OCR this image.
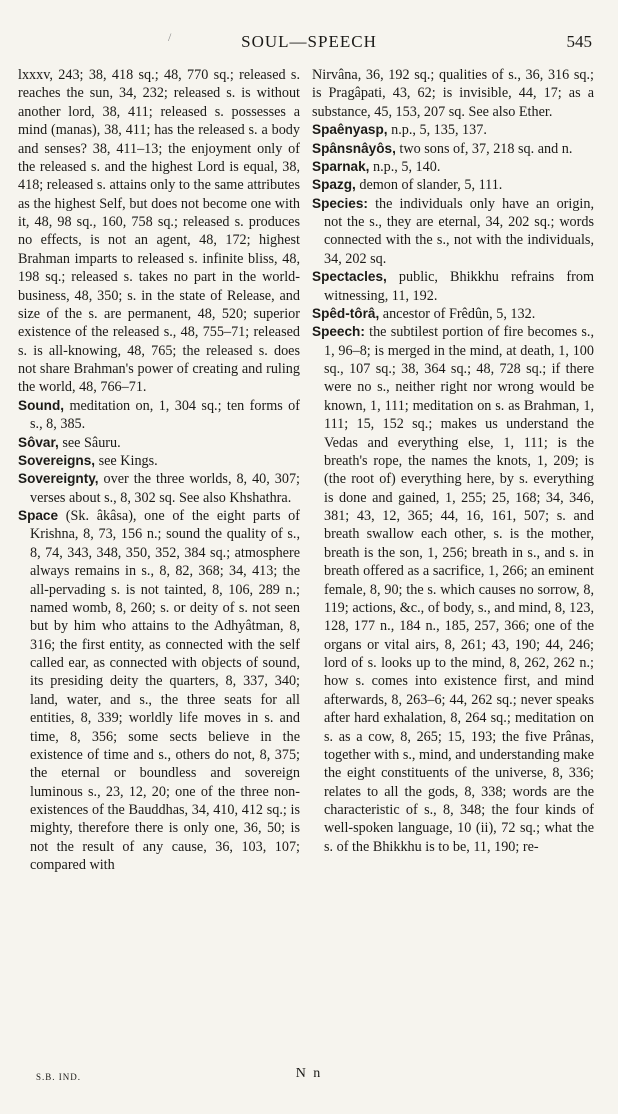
/	SOUL—SPEECH	545

lxxxv, 243; 38, 418 sq.; 48, 770 sq.; released s. reaches the sun, 34, 232; released s. is without another lord, 38, 411; released s. possesses a mind (manas), 38, 411; has the released s. a body and senses? 38, 411–13; the enjoyment only of the released s. and the highest Lord is equal, 38, 418; released s. attains only to the same attributes as the highest Self, but does not become one with it, 48, 98 sq., 160, 758 sq.; released s. produces no effects, is not an agent, 48, 172; highest Brahman imparts to released s. infinite bliss, 48, 198 sq.; released s. takes no part in the world-business, 48, 350; s. in the state of Release, and size of the s. are permanent, 48, 520; superior existence of the released s., 48, 755–71; released s. is all-knowing, 48, 765; the released s. does not share Brahman's power of creating and ruling the world, 48, 766–71.

Sound, meditation on, 1, 304 sq.; ten forms of s., 8, 385.

Sôvar, see Sâuru.

Sovereigns, see Kings.

Sovereignty, over the three worlds, 8, 40, 307; verses about s., 8, 302 sq. See also Khshathra.

Space (Sk. âkâsa), one of the eight parts of Krishna, 8, 73, 156 n.; sound the quality of s., 8, 74, 343, 348, 350, 352, 384 sq.; atmosphere always remains in s., 8, 82, 368; 34, 413; the all-pervading s. is not tainted, 8, 106, 289 n.; named womb, 8, 260; s. or deity of s. not seen but by him who attains to the Adhyâtman, 8, 316; the first entity, as connected with the self called ear, as connected with objects of sound, its presiding deity the quarters, 8, 337, 340; land, water, and s., the three seats for all entities, 8, 339; worldly life moves in s. and time, 8, 356; some sects believe in the existence of time and s., others do not, 8, 375; the eternal or boundless and sovereign luminous s., 23, 12, 20; one of the three non-existences of the Bauddhas, 34, 410, 412 sq.; is mighty, therefore there is only one, 36, 50; is not the result of any cause, 36, 103, 107; compared with

Nirvâna, 36, 192 sq.; qualities of s., 36, 316 sq.; is Pragâpati, 43, 62; is invisible, 44, 17; as a substance, 45, 153, 207 sq. See also Ether.

Spaênyasp, n.p., 5, 135, 137.

Spânsnâyôs, two sons of, 37, 218 sq. and n.

Sparnak, n.p., 5, 140.

Spazg, demon of slander, 5, 111.

Species: the individuals only have an origin, not the s., they are eternal, 34, 202 sq.; words connected with the s., not with the individuals, 34, 202 sq.

Spectacles, public, Bhikkhu refrains from witnessing, 11, 192.

Spêd-tôrâ, ancestor of Frêdûn, 5, 132.

Speech: the subtilest portion of fire becomes s., 1, 96–8; is merged in the mind, at death, 1, 100 sq., 107 sq.; 38, 364 sq.; 48, 728 sq.; if there were no s., neither right nor wrong would be known, 1, 111; meditation on s. as Brahman, 1, 111; 15, 152 sq.; makes us understand the Vedas and everything else, 1, 111; is the breath's rope, the names the knots, 1, 209; is (the root of) everything here, by s. everything is done and gained, 1, 255; 25, 168; 34, 346, 381; 43, 12, 365; 44, 16, 161, 507; s. and breath swallow each other, s. is the mother, breath is the son, 1, 256; breath in s., and s. in breath offered as a sacrifice, 1, 266; an eminent female, 8, 90; the s. which causes no sorrow, 8, 119; actions, &c., of body, s., and mind, 8, 123, 128, 177 n., 184 n., 185, 257, 366; one of the organs or vital airs, 8, 261; 43, 190; 44, 246; lord of s. looks up to the mind, 8, 262, 262 n.; how s. comes into existence first, and mind afterwards, 8, 263–6; 44, 262 sq.; never speaks after hard exhalation, 8, 264 sq.; meditation on s. as a cow, 8, 265; 15, 193; the five Prânas, together with s., mind, and understanding make the eight constituents of the universe, 8, 336; relates to all the gods, 8, 338; words are the characteristic of s., 8, 348; the four kinds of well-spoken language, 10 (ii), 72 sq.; what the s. of the Bhikkhu is to be, 11, 190; re-

S.B. IND.	N n
